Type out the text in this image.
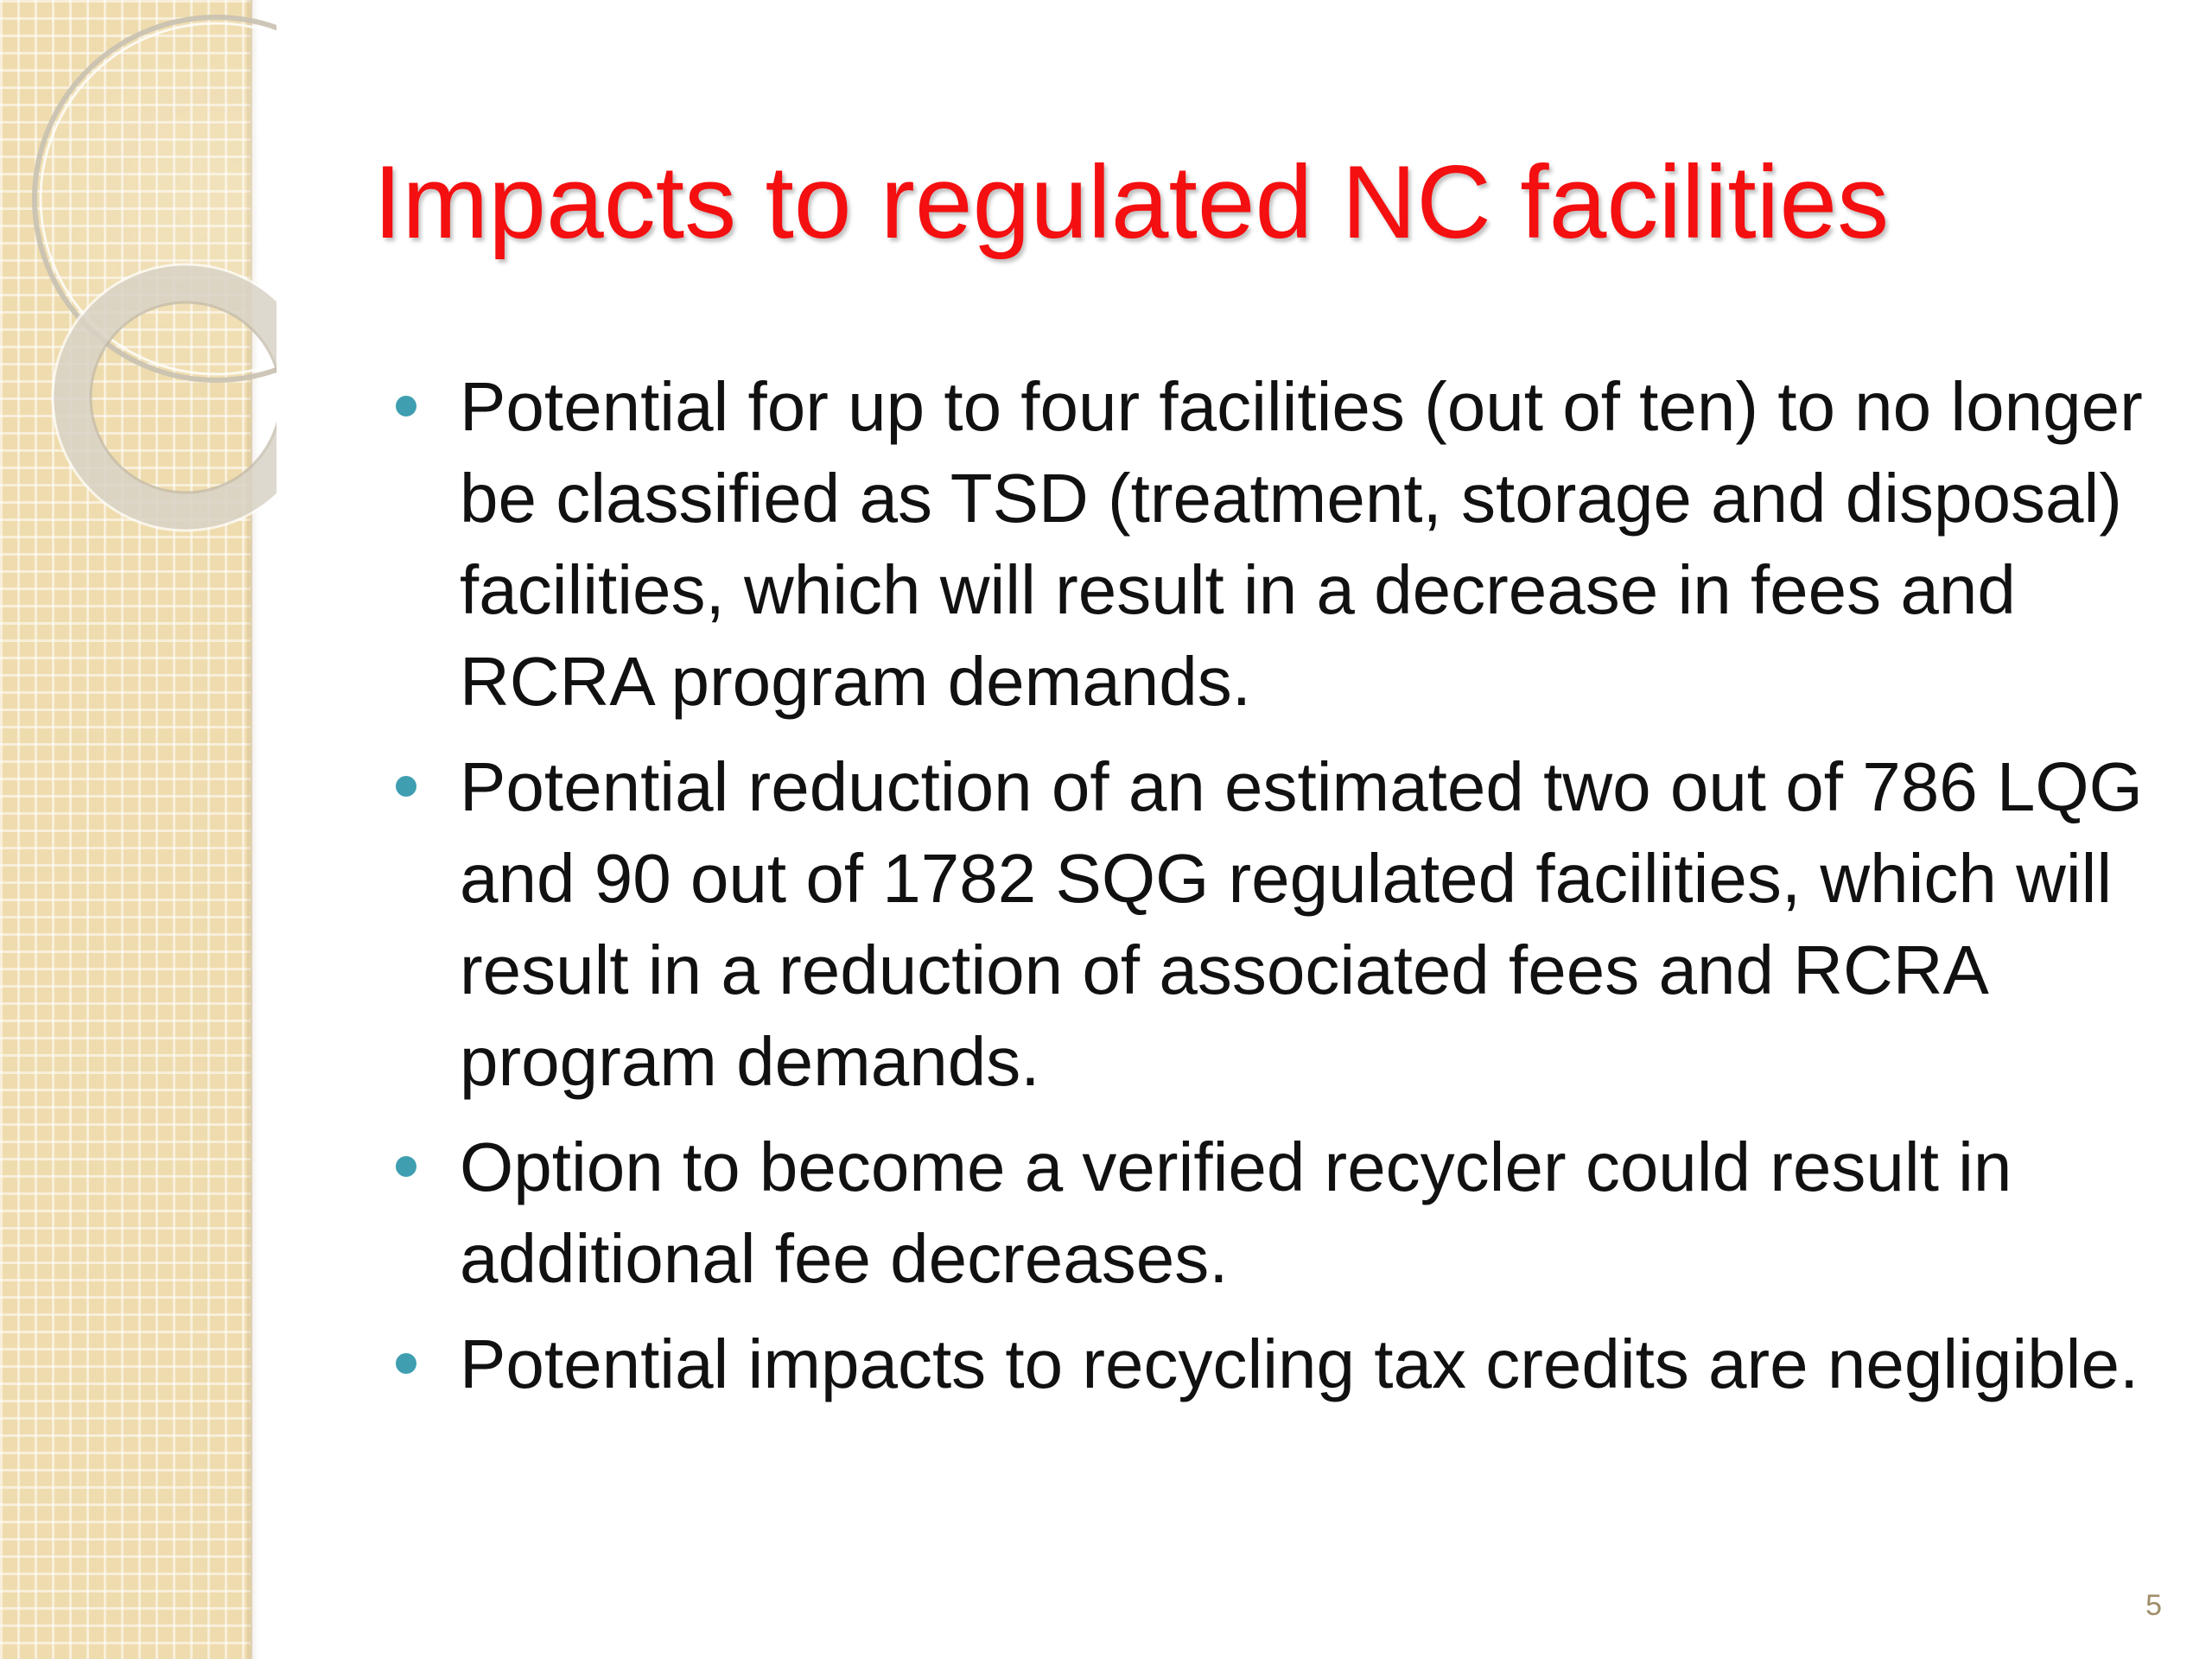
Impacts to regulated NC facilities
Potential for up to four facilities (out of ten) to no longer be classified as TSD (treatment, storage and disposal) facilities, which will result in a decrease in fees and RCRA program demands.
Potential reduction of an estimated two out of 786 LQG and 90 out of 1782 SQG regulated facilities, which will result in a reduction of associated fees and RCRA program demands.
Option to become a verified recycler could result in additional fee decreases.
Potential impacts to recycling tax credits are negligible.
5
